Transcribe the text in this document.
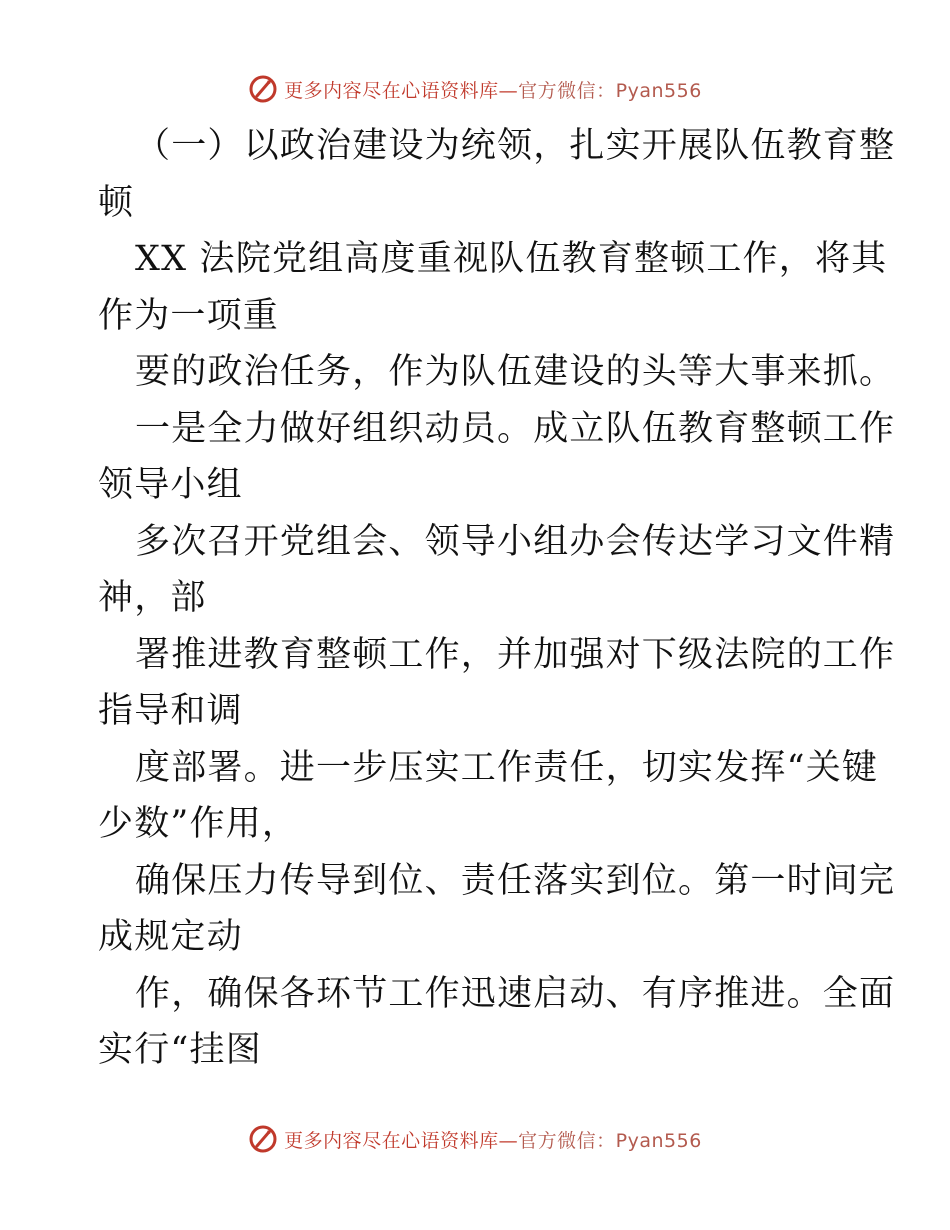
更多内容尽在心语资料库—官方微信：Pyan556

（一）以政治建设为统领，扎实开展队伍教育整
顿

XX 法院党组高度重视队伍教育整顿工作，将其
作为一项重

要的政治任务，作为队伍建设的头等大事来抓。

一是全力做好组织动员。成立队伍教育整顿工作
领导小组

多次召开党组会、领导小组办会传达学习文件精
神，部

署推进教育整顿工作，并加强对下级法院的工作
指导和调

度部署。进一步压实工作责任，切实发挥“关键
少数”作用，

确保压力传导到位、责任落实到位。第一时间完
成规定动

作，确保各环节工作迅速启动、有序推进。全面
实行“挂图

更多内容尽在心语资料库—官方微信：Pyan556
